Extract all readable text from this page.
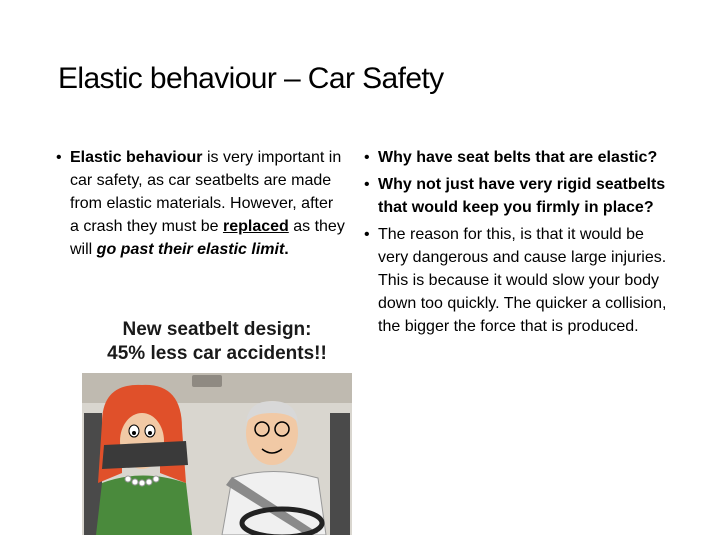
Elastic behaviour – Car Safety
• Elastic behaviour is very important in car safety, as car seatbelts are made from elastic materials. However, after a crash they must be replaced as they will go past their elastic limit.
• Why have seat belts that are elastic?
• Why not just have very rigid seatbelts that would keep you firmly in place?
• The reason for this, is that it would be very dangerous and cause large injuries. This is because it would slow your body down too quickly. The quicker a collision, the bigger the force that is produced.
New seatbelt design:
45% less car accidents!!
